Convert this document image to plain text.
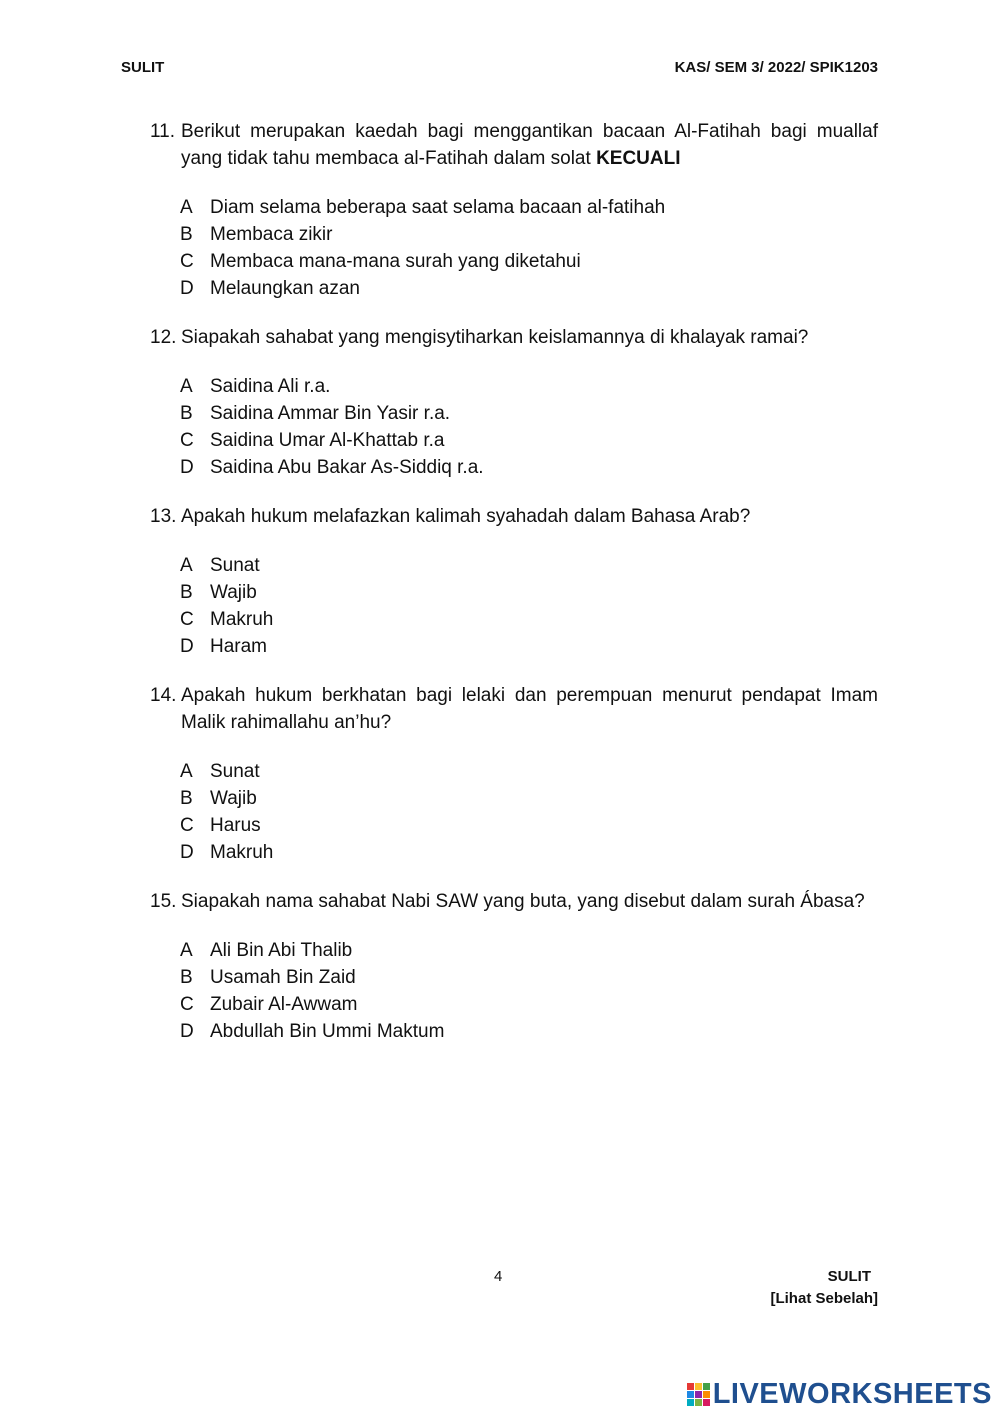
SULIT	KAS/ SEM 3/ 2022/ SPIK1203
11. Berikut merupakan kaedah bagi menggantikan bacaan Al-Fatihah bagi muallaf yang tidak tahu membaca al-Fatihah dalam solat KECUALI
A Diam selama beberapa saat selama bacaan al-fatihah
B Membaca zikir
C Membaca mana-mana surah yang diketahui
D Melaungkan azan
12. Siapakah sahabat yang mengisytiharkan keislamannya di khalayak ramai?
A Saidina Ali r.a.
B Saidina Ammar Bin Yasir r.a.
C Saidina Umar Al-Khattab r.a
D Saidina Abu Bakar As-Siddiq r.a.
13. Apakah hukum melafazkan kalimah syahadah dalam Bahasa Arab?
A Sunat
B Wajib
C Makruh
D Haram
14. Apakah hukum berkhatan bagi lelaki dan perempuan menurut pendapat Imam Malik rahimallahu an’hu?
A Sunat
B Wajib
C Harus
D Makruh
15. Siapakah nama sahabat Nabi SAW yang buta, yang disebut dalam surah Ábasa?
A Ali Bin Abi Thalib
B Usamah Bin Zaid
C Zubair Al-Awwam
D Abdullah Bin Ummi Maktum
4	SULIT
[Lihat Sebelah]
LIVEWORKSHEETS
